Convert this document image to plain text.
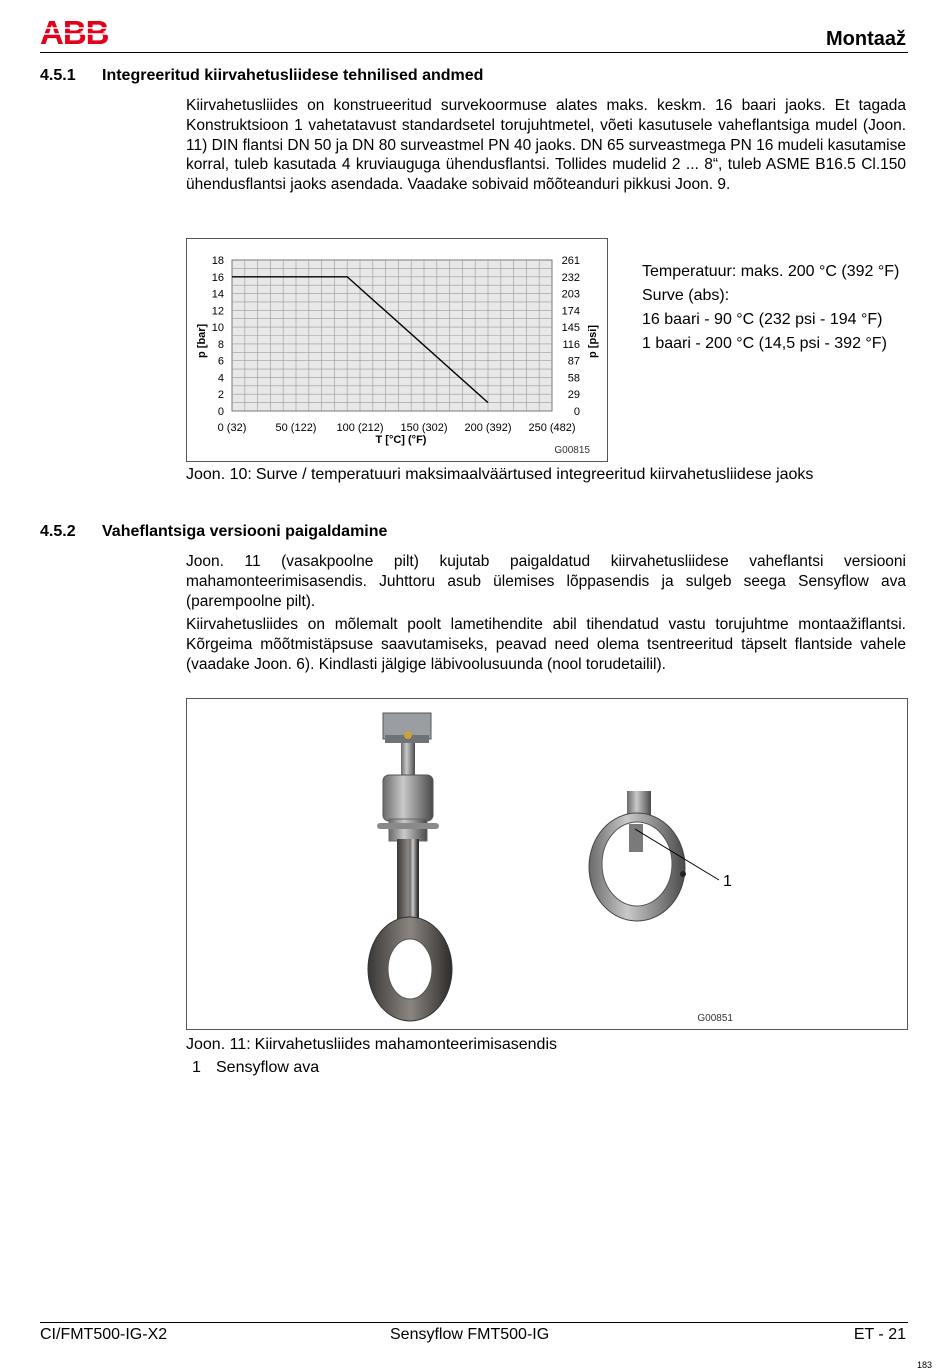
ABB	Montaaž
4.5.1 Integreeritud kiirvahetusliidese tehnilised andmed
Kiirvahetusliides on konstrueeritud survekoormuse alates maks. keskm. 16 baari jaoks. Et tagada Konstruktsioon 1 vahetatavust standardsetel torujuhtmetel, võeti kasutusele vaheflantsiga mudel (Joon. 11) DIN flantsi DN 50 ja DN 80 surveastmel PN 40 jaoks. DN 65 surveastmega PN 16 mudeli kasutamise korral, tuleb kasutada 4 kruviauguga ühendusflantsi. Tollides mudelid 2 ... 8“, tuleb ASME B16.5 Cl.150 ühendusflantsi jaoks asendada. Vaadake sobivaid mõõteanduri pikkusi Joon. 9.
0	0
2	29
4	58
6	87
8	116
10	145
12	174
14	203
16	232
18	261
0 (32)	50 (122) 100 (212) 150 (302) 200 (392) 250 (482)
p [bar]	p [psi]
T [°C] (°F)
G00815

Temperatuur: maks. 200 °C (392 °F)

Surve (abs):

16 baari - 90 °C (232 psi - 194 °F)

1 baari - 200 °C (14,5 psi - 392 °F)

Joon. 10: Surve / temperatuuri maksimaalväärtused integreeritud kiirvahetusliidese jaoks
4.5.2 Vaheflantsiga versiooni paigaldamine
Joon. 11 (vasakpoolne pilt) kujutab paigaldatud kiirvahetusliidese vaheflantsi versiooni mahamonteerimisasendis. Juhttoru asub ülemises lõppasendis ja sulgeb seega Sensyflow ava (parempoolne pilt).
Kiirvahetusliides on mõlemalt poolt lametihendite abil tihendatud vastu torujuhtme montaažiflantsi. Kõrgeima mõõtmistäpsuse saavutamiseks, peavad need olema tsentreeritud täpselt flantside vahele (vaadake Joon. 6). Kindlasti jälgige läbivoolusuunda (nool torudetailil).
1
G00851
Joon. 11: Kiirvahetusliides mahamonteerimisasendis
1 Sensyflow ava
CI/FMT500-IG-X2	Sensyflow FMT500-IG	ET - 21
183
